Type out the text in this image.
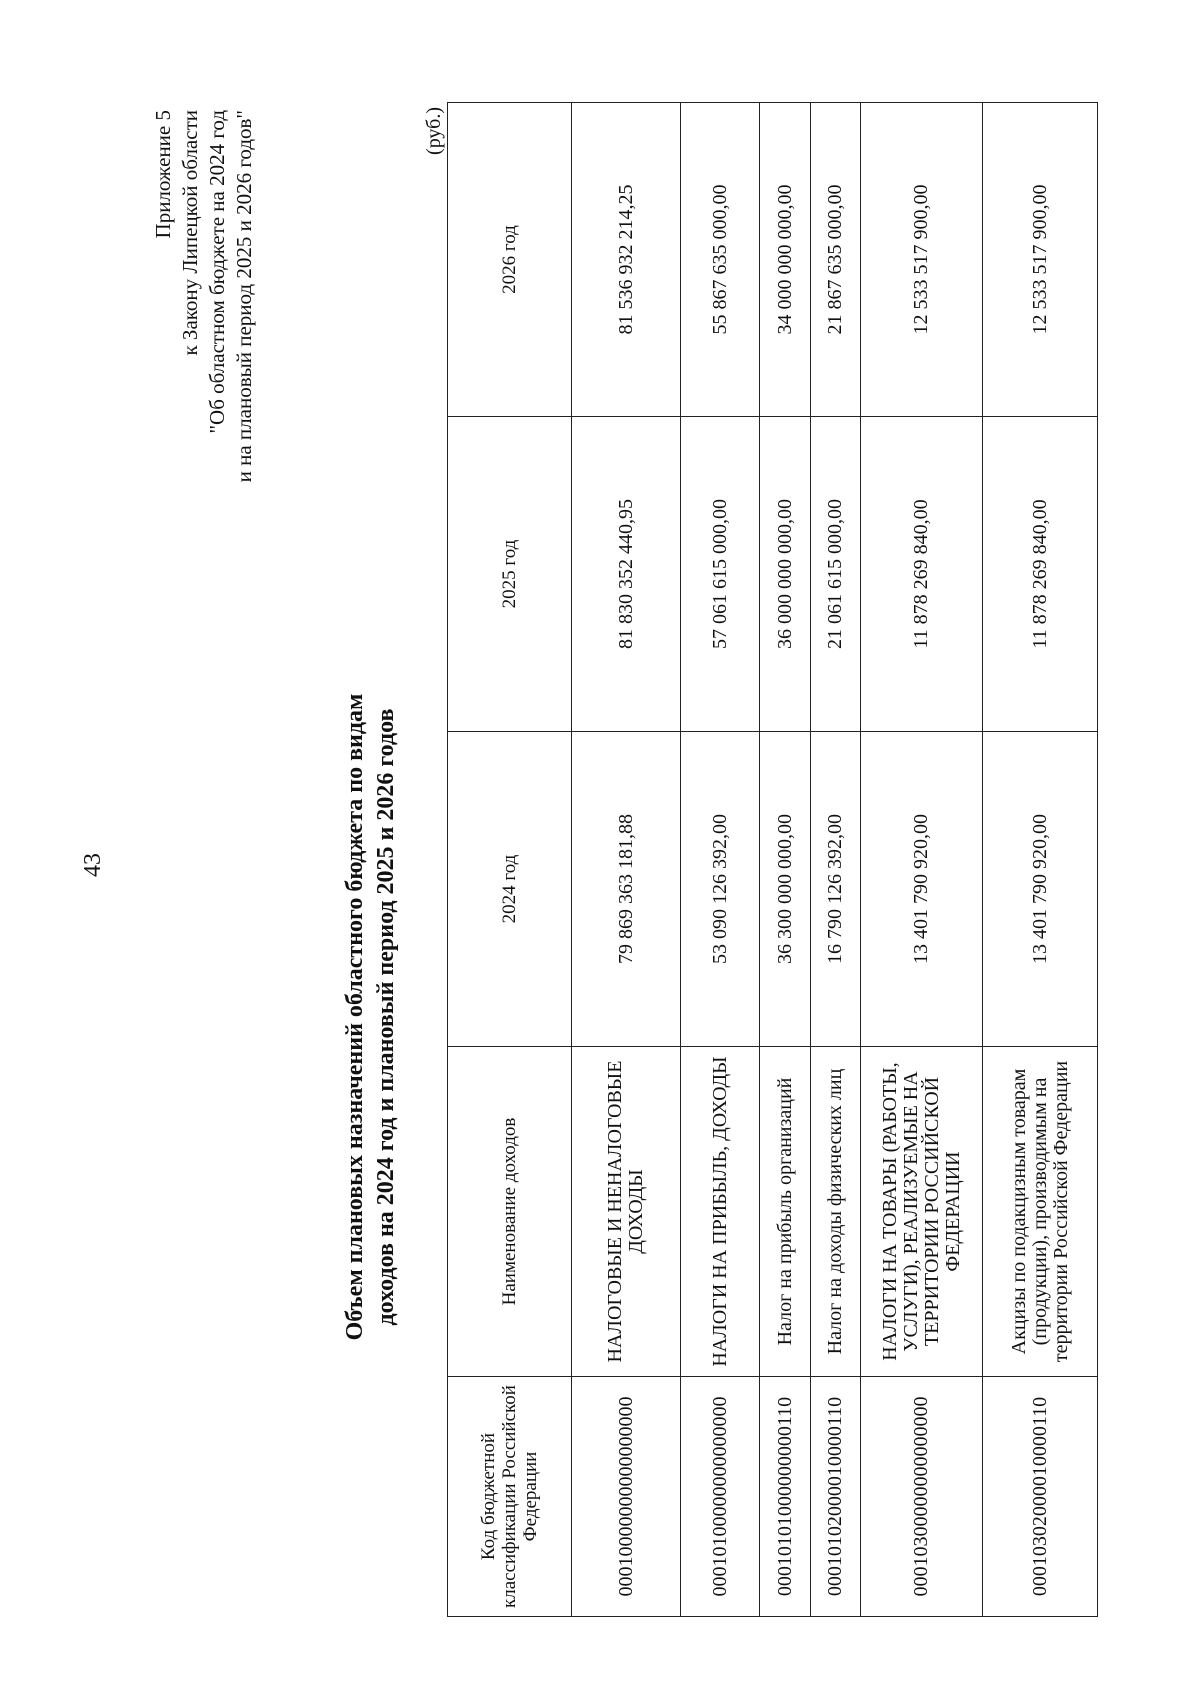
43
Приложение 5 к Закону Липецкой области "Об областном бюджете на 2024 год и на плановый период 2025 и 2026 годов"
Объем плановых назначений областного бюджета по видам доходов на 2024 год и плановый период 2025 и 2026 годов
(руб.)
Код бюджетной классификации Российской Федерации	Наименование доходов	2024 год	2025 год	2026 год
00010000000000000000	НАЛОГОВЫЕ И НЕНАЛОГОВЫЕ ДОХОДЫ	79 869 363 181,88	81 830 352 440,95	81 536 932 214,25
00010100000000000000	НАЛОГИ НА ПРИБЫЛЬ, ДОХОДЫ	53 090 126 392,00	57 061 615 000,00	55 867 635 000,00
00010101000000000110	Налог на прибыль организаций	36 300 000 000,00	36 000 000 000,00	34 000 000 000,00
00010102000010000110	Налог на доходы физических лиц	16 790 126 392,00	21 061 615 000,00	21 867 635 000,00
00010300000000000000	НАЛОГИ НА ТОВАРЫ (РАБОТЫ, УСЛУГИ), РЕАЛИЗУЕМЫЕ НА ТЕРРИТОРИИ РОССИЙСКОЙ ФЕДЕРАЦИИ	13 401 790 920,00	11 878 269 840,00	12 533 517 900,00
00010302000010000110	Акцизы по подакцизным товарам (продукции), производимым на территории Российской Федерации	13 401 790 920,00	11 878 269 840,00	12 533 517 900,00
